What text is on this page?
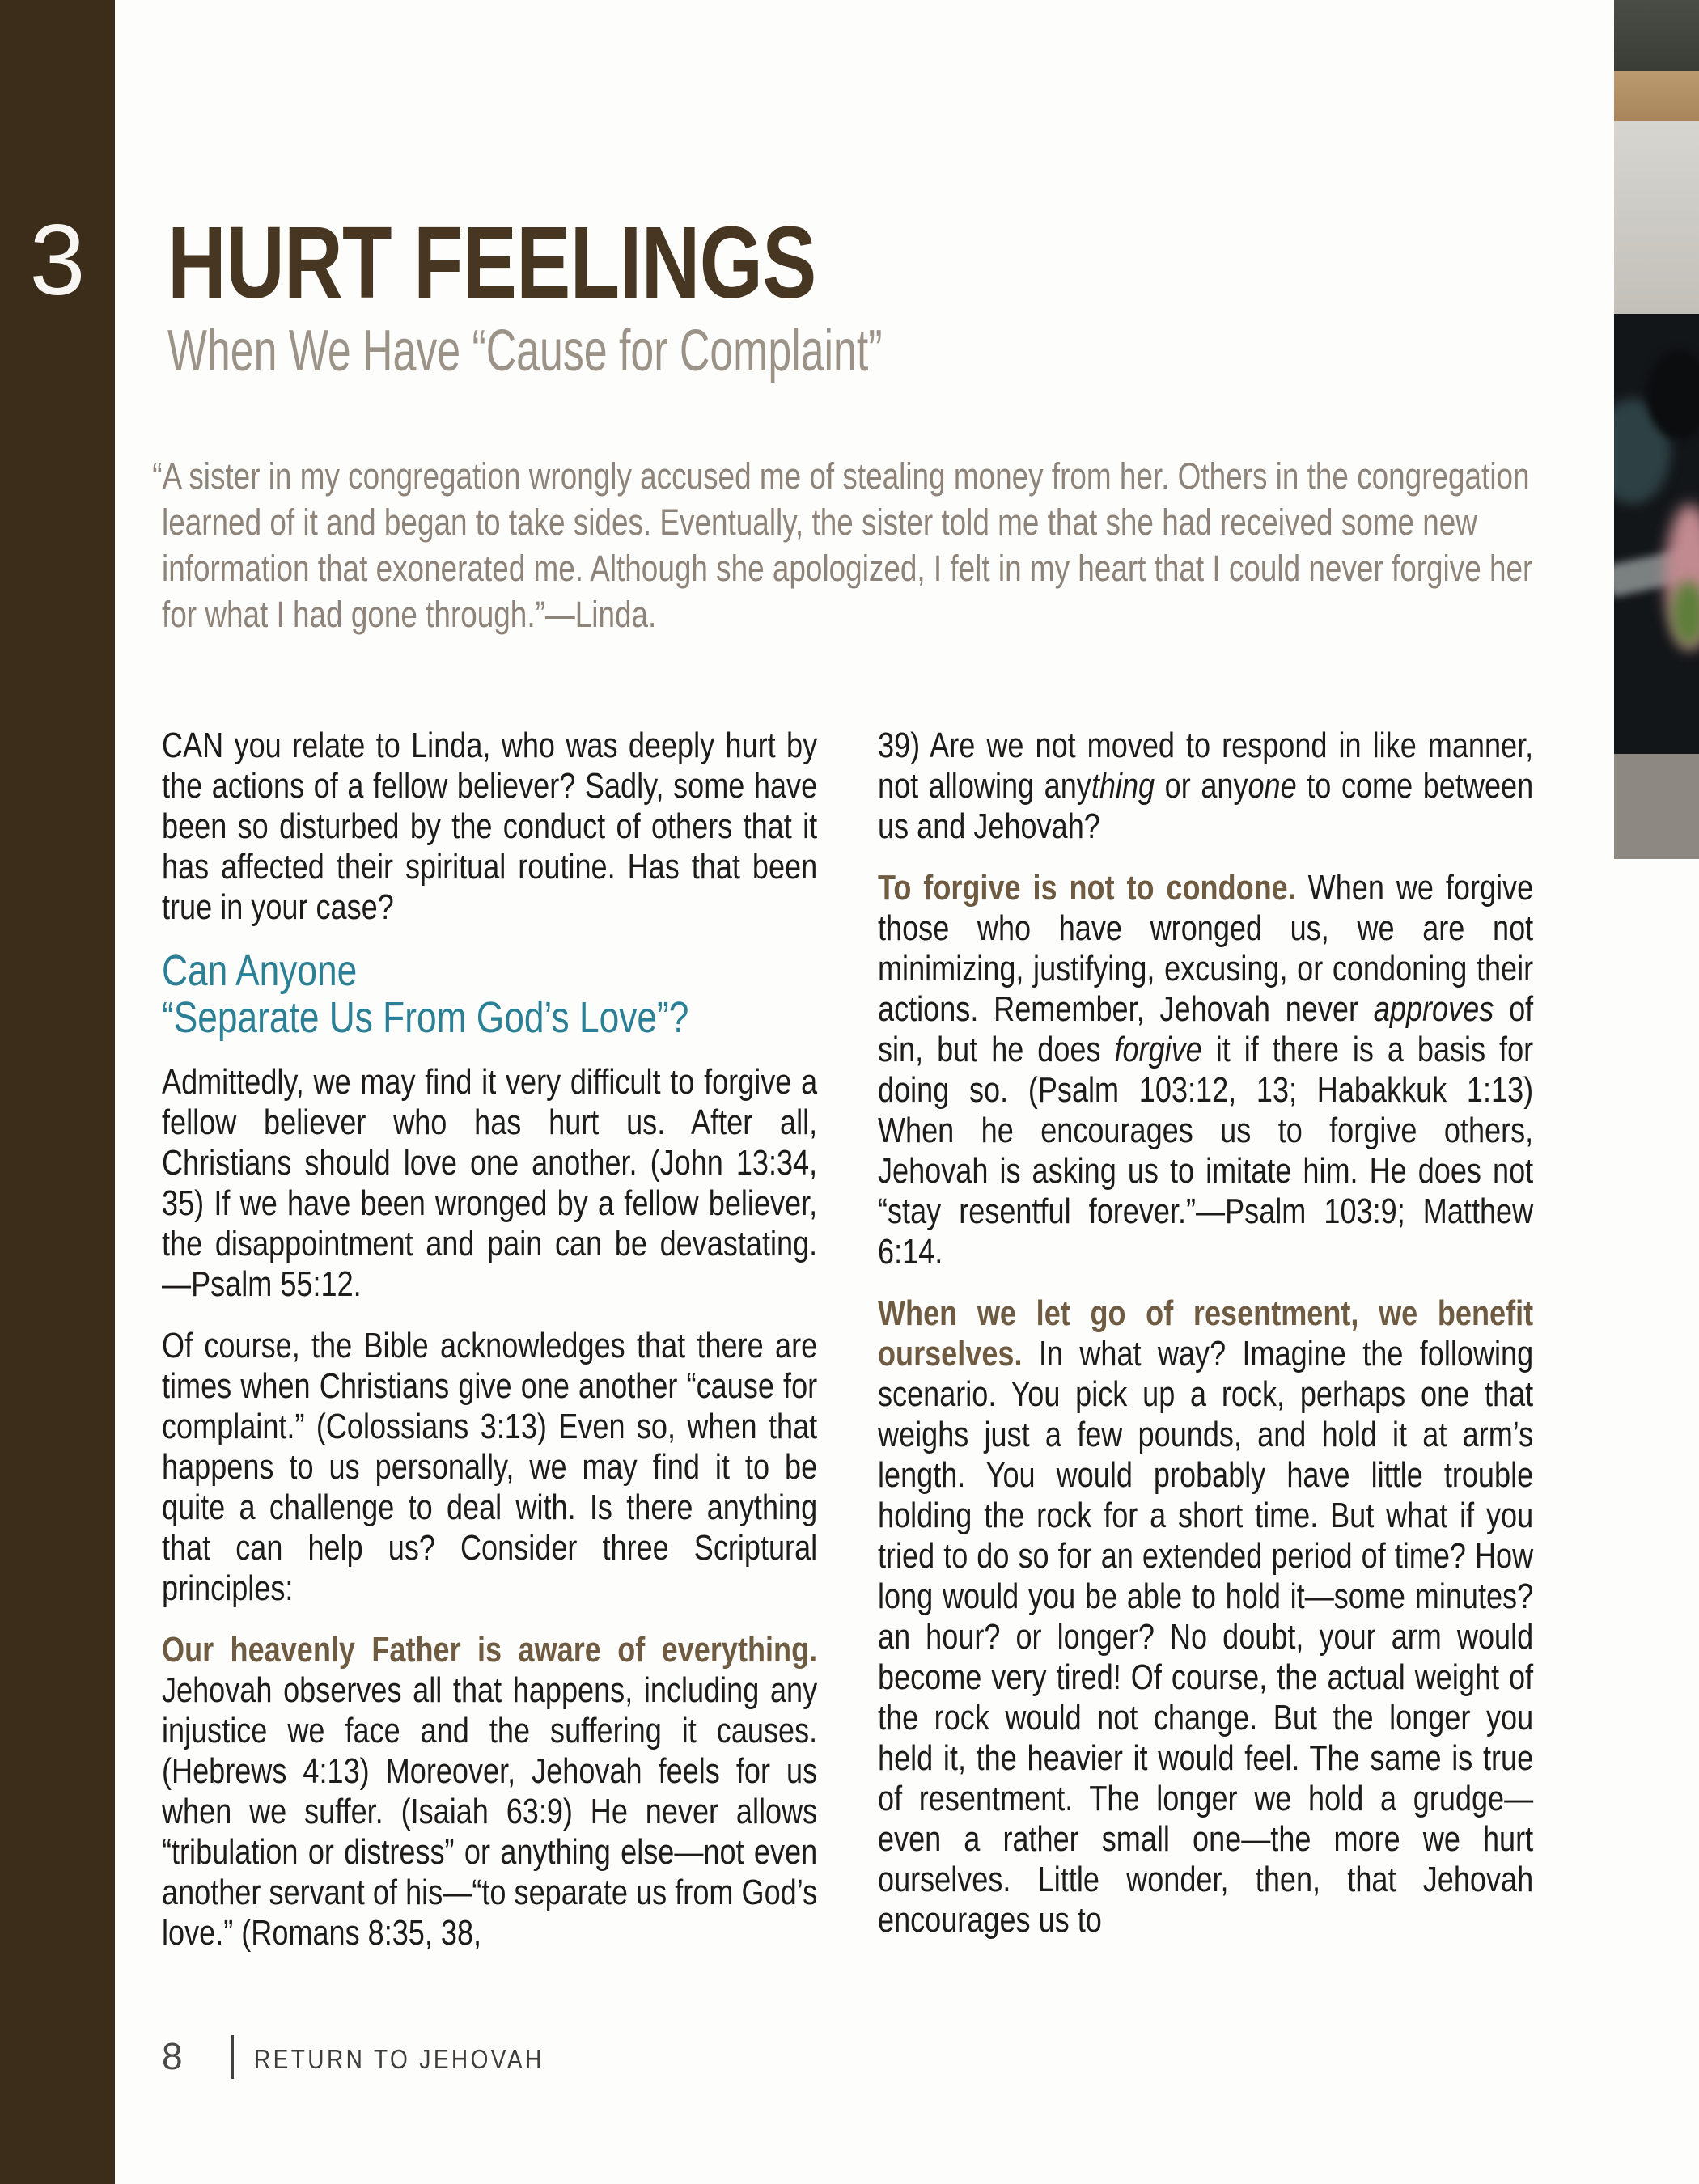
3 HURT FEELINGS
When We Have “Cause for Complaint”
“A sister in my congregation wrongly accused me of stealing money from her. Others in the congregation learned of it and began to take sides. Eventually, the sister told me that she had received some new information that exonerated me. Although she apologized, I felt in my heart that I could never forgive her for what I had gone through.”—Linda.

CAN you relate to Linda, who was deeply hurt by the actions of a fellow believer? Sadly, some have been so disturbed by the conduct of others that it has affected their spiritual routine. Has that been true in your case?

Can Anyone
“Separate Us From God’s Love”?

Admittedly, we may find it very difficult to forgive a fellow believer who has hurt us. After all, Christians should love one another. (John 13:34, 35) If we have been wronged by a fellow believer, the disappointment and pain can be devastating.—Psalm 55:12.

Of course, the Bible acknowledges that there are times when Christians give one another “cause for complaint.” (Colossians 3:13) Even so, when that happens to us personally, we may find it to be quite a challenge to deal with. Is there anything that can help us? Consider three Scriptural principles:

Our heavenly Father is aware of everything. Jehovah observes all that happens, including any injustice we face and the suffering it causes. (Hebrews 4:13) Moreover, Jehovah feels for us when we suffer. (Isaiah 63:9) He never allows “tribulation or distress” or anything else—not even another servant of his—“to separate us from God’s love.” (Romans 8:35, 38,

39) Are we not moved to respond in like manner, not allowing anything or anyone to come between us and Jehovah?

To forgive is not to condone. When we forgive those who have wronged us, we are not minimizing, justifying, excusing, or condoning their actions. Remember, Jehovah never approves of sin, but he does forgive it if there is a basis for doing so. (Psalm 103:12, 13; Habakkuk 1:13) When he encourages us to forgive others, Jehovah is asking us to imitate him. He does not “stay resentful forever.”—Psalm 103:9; Matthew 6:14.

When we let go of resentment, we benefit ourselves. In what way? Imagine the following scenario. You pick up a rock, perhaps one that weighs just a few pounds, and hold it at arm’s length. You would probably have little trouble holding the rock for a short time. But what if you tried to do so for an extended period of time? How long would you be able to hold it—some minutes? an hour? or longer? No doubt, your arm would become very tired! Of course, the actual weight of the rock would not change. But the longer you held it, the heavier it would feel. The same is true of resentment. The longer we hold a grudge—even a rather small one—the more we hurt ourselves. Little wonder, then, that Jehovah encourages us to

8	RETURN TO JEHOVAH
